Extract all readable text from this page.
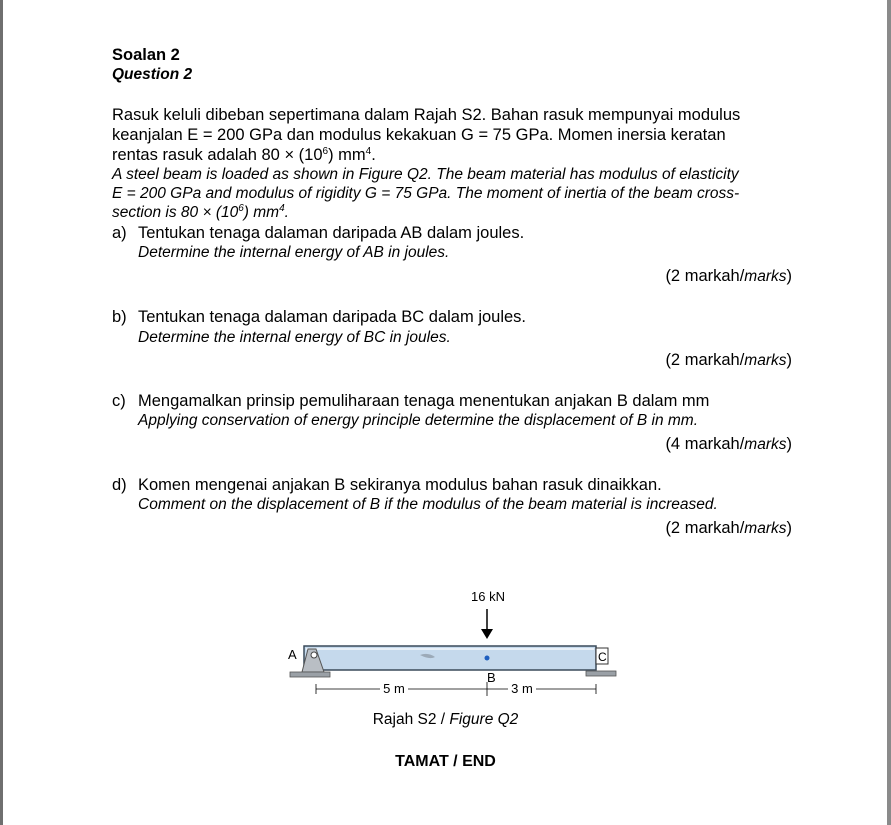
Soalan 2
Question 2
Rasuk keluli dibeban sepertimana dalam Rajah S2. Bahan rasuk mempunyai modulus
keanjalan E = 200 GPa dan modulus kekakuan G = 75 GPa. Momen inersia keratan
rentas rasuk adalah $80 \times (10^6)$ $mm^4$.
A steel beam is loaded as shown in Figure Q2. The beam material has modulus of elasticity
E = 200 GPa and modulus of rigidity G = 75 GPa. The moment of inertia of the beam cross-
section is $80 \times (10^6)$ $mm^4$.
a) Tentukan tenaga dalaman daripada AB dalam joules.
Determine the internal energy of AB in joules.
(2 markah/marks)
b) Tentukan tenaga dalaman daripada BC dalam joules.
Determine the internal energy of BC in joules.
(2 markah/marks)
c) Mengamalkan prinsip pemuliharaan tenaga menentukan anjakan B dalam mm
Applying conservation of energy principle determine the displacement of B in mm.
(4 markah/marks)
d) Komen mengenai anjakan B sekiranya modulus bahan rasuk dinaikkan.
Comment on the displacement of B if the modulus of the beam material is increased.
(2 markah/marks)
16 kN
A	C
B
5 m	3 m
Rajah S2 / Figure Q2
TAMAT / END
